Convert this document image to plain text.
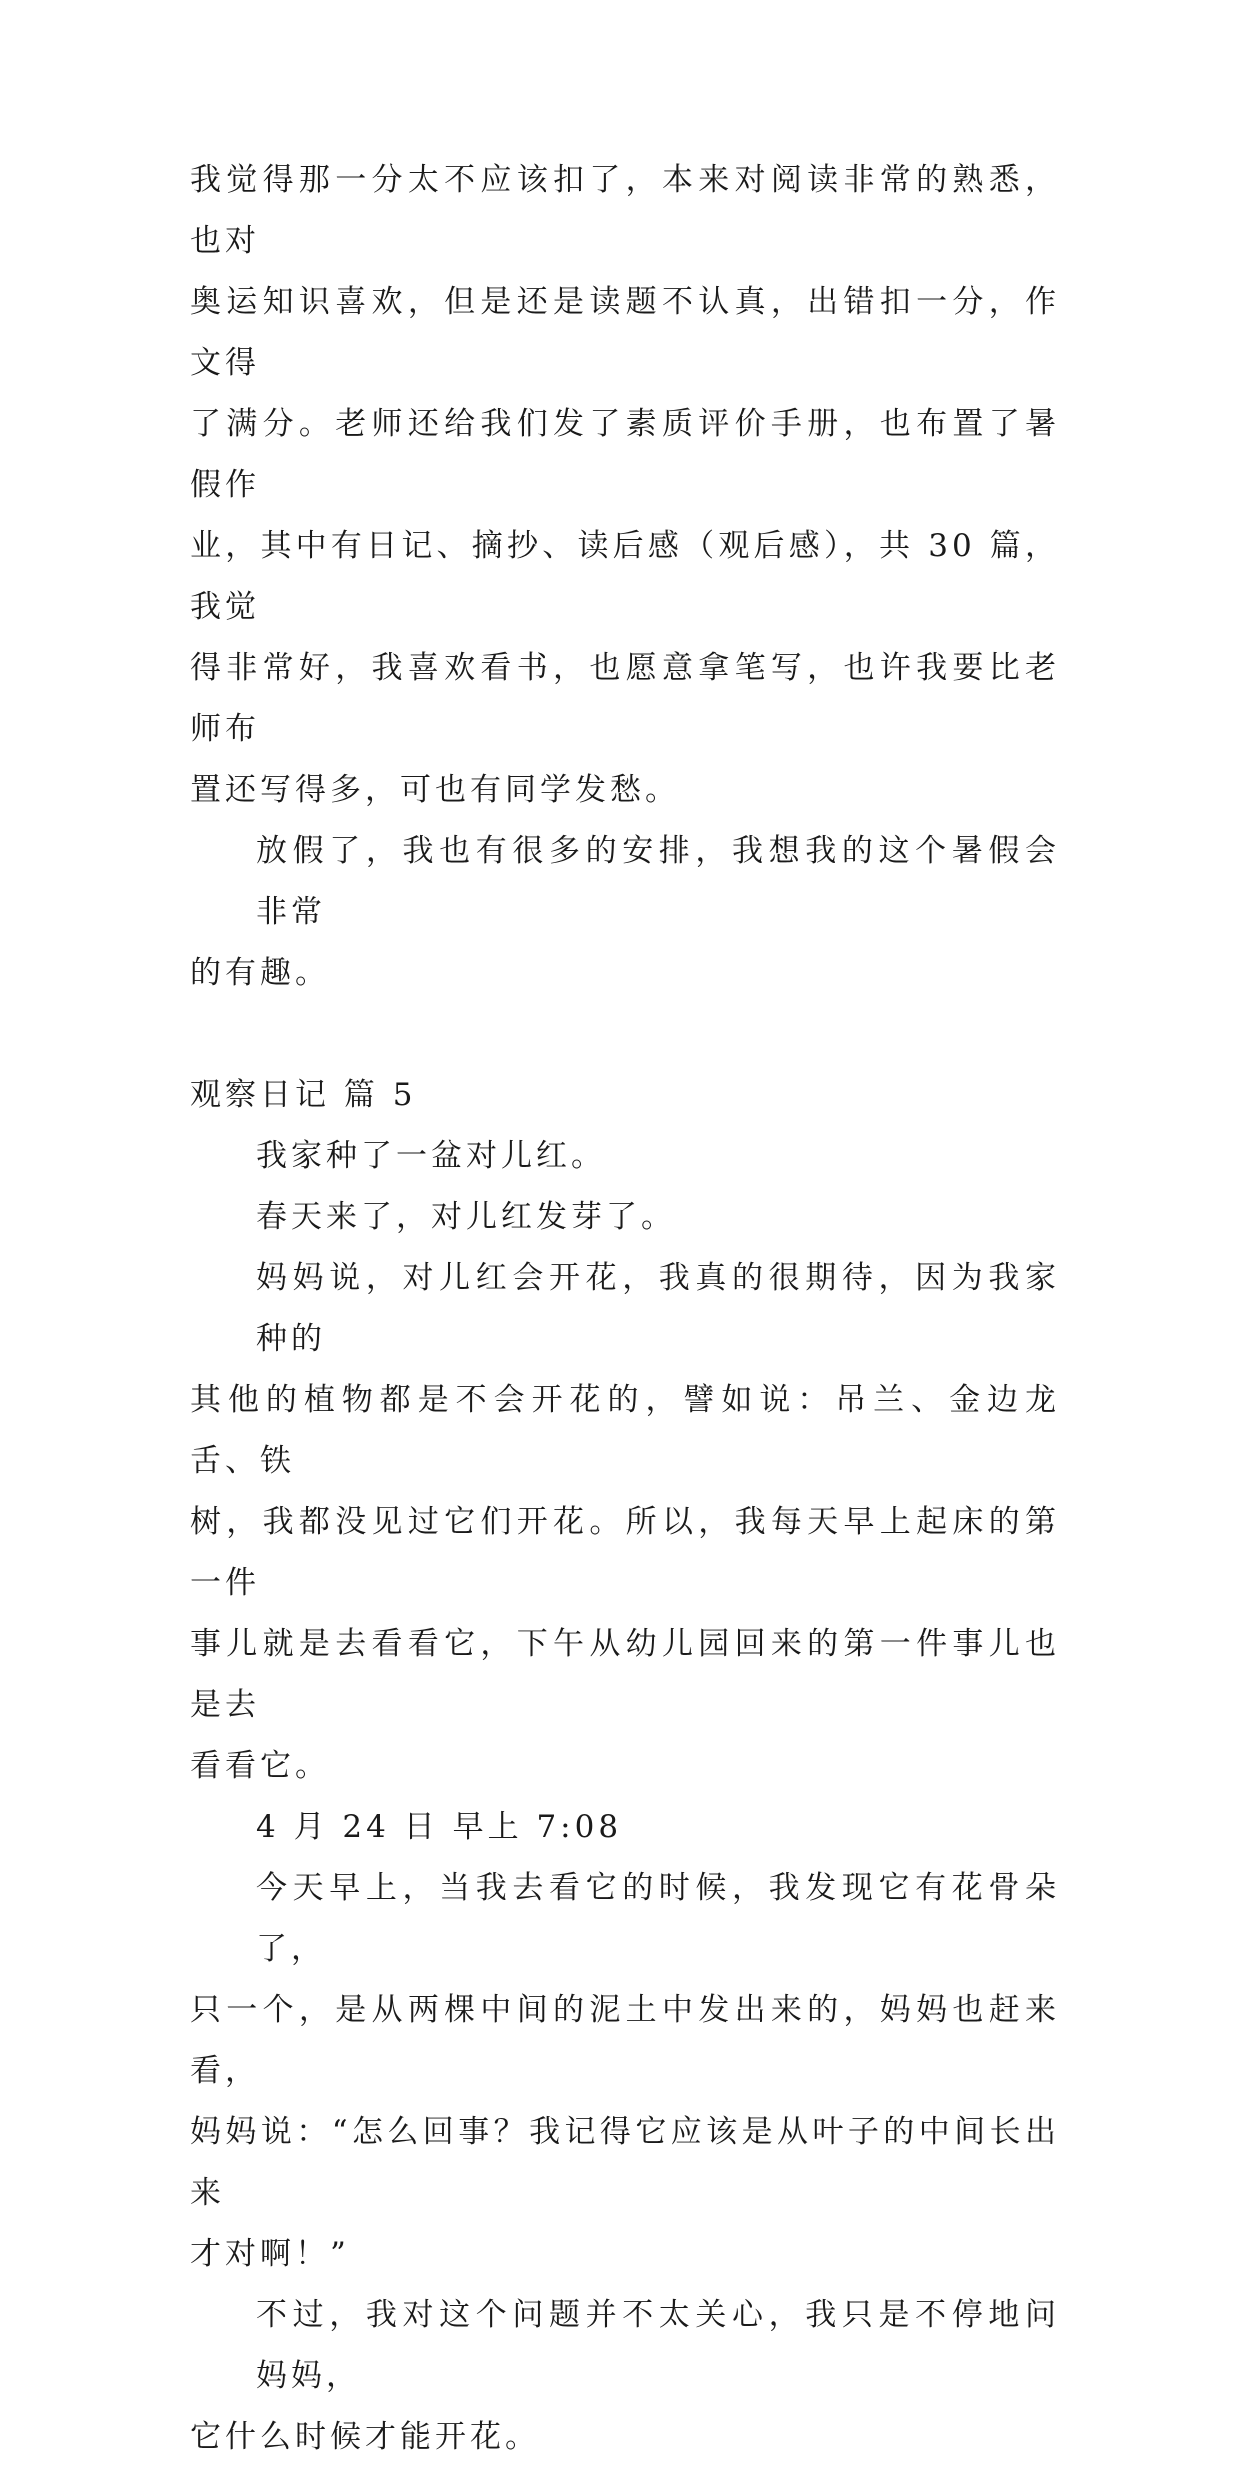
我觉得那一分太不应该扣了，本来对阅读非常的熟悉，也对
奥运知识喜欢，但是还是读题不认真，出错扣一分，作文得
了满分。老师还给我们发了素质评价手册，也布置了暑假作
业，其中有日记、摘抄、读后感（观后感），共 30 篇，我觉
得非常好，我喜欢看书，也愿意拿笔写，也许我要比老师布
置还写得多，可也有同学发愁。

放假了，我也有很多的安排，我想我的这个暑假会非常
的有趣。

观察日记 篇 5

我家种了一盆对儿红。

春天来了，对儿红发芽了。

妈妈说，对儿红会开花，我真的很期待，因为我家种的
其他的植物都是不会开花的，譬如说：吊兰、金边龙舌、铁
树，我都没见过它们开花。所以，我每天早上起床的第一件
事儿就是去看看它，下午从幼儿园回来的第一件事儿也是去
看看它。

4 月 24 日 早上 7:08

今天早上，当我去看它的时候，我发现它有花骨朵了，
只一个，是从两棵中间的泥土中发出来的，妈妈也赶来看，
妈妈说：“怎么回事？我记得它应该是从叶子的中间长出来
才对啊！”

不过，我对这个问题并不太关心，我只是不停地问妈妈，
它什么时候才能开花。
